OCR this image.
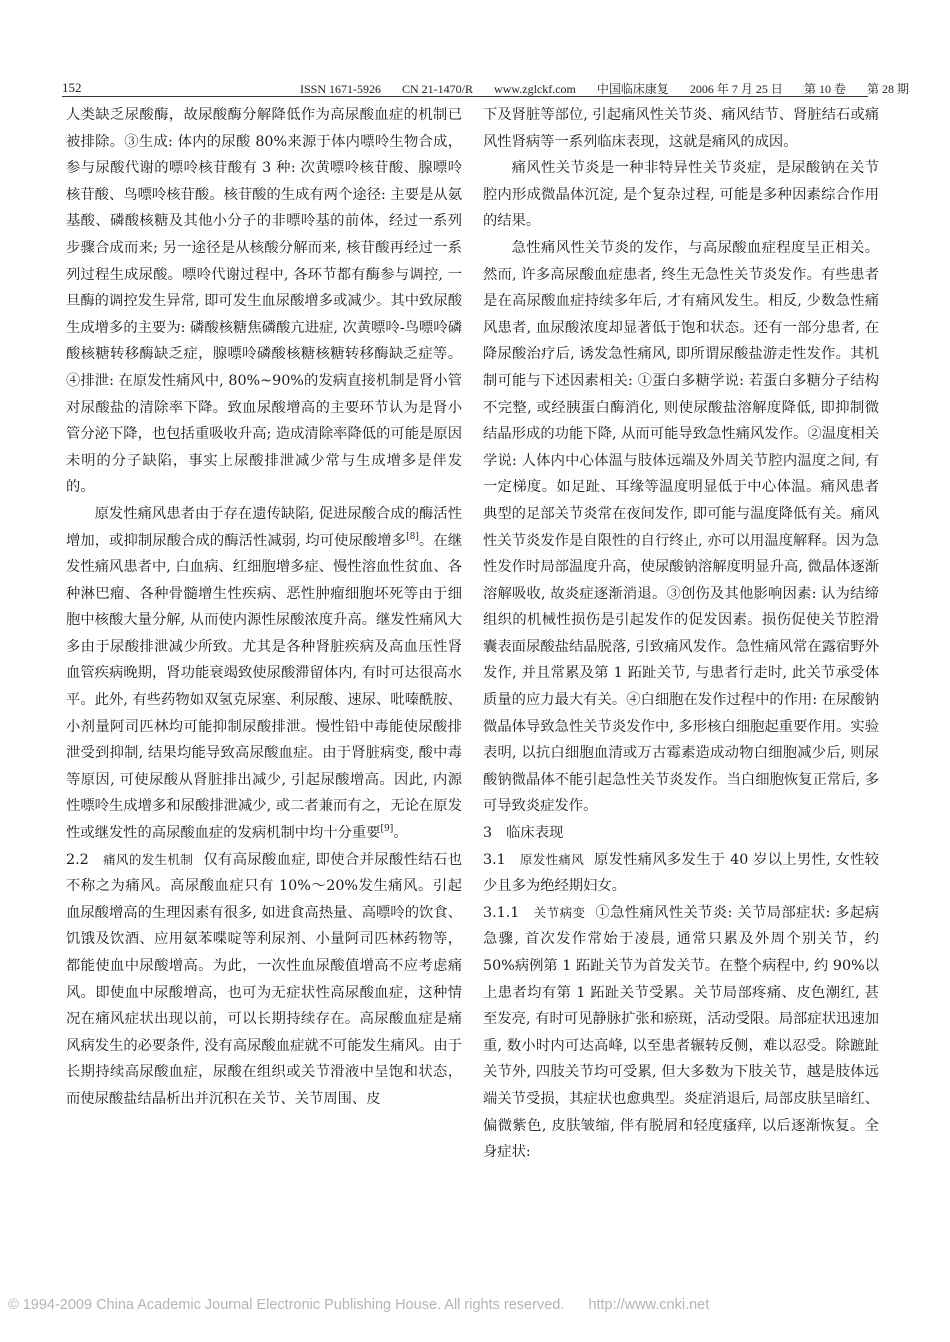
152	ISSN 1671-5926 CN 21-1470/R www.zglckf.com 中国临床康复 2006 年 7 月 25 日 第 10 卷 第 28 期

人类缺乏尿酸酶，故尿酸酶分解降低作为高尿酸血症的机制已被排除。③生成: 体内的尿酸 80%来源于体内嘌呤生物合成，参与尿酸代谢的嘌呤核苷酸有 3 种: 次黄嘌呤核苷酸、腺嘌呤核苷酸、鸟嘌呤核苷酸。核苷酸的生成有两个途径: 主要是从氨基酸、磷酸核糖及其他小分子的非嘌呤基的前体，经过一系列步骤合成而来; 另一途径是从核酸分解而来, 核苷酸再经过一系列过程生成尿酸。嘌呤代谢过程中, 各环节都有酶参与调控, 一旦酶的调控发生异常, 即可发生血尿酸增多或减少。其中致尿酸生成增多的主要为: 磷酸核糖焦磷酸亢进症, 次黄嘌呤-鸟嘌呤磷酸核糖转移酶缺乏症，腺嘌呤磷酸核糖核糖转移酶缺乏症等。④排泄: 在原发性痛风中, 80%~90%的发病直接机制是肾小管对尿酸盐的清除率下降。致血尿酸增高的主要环节认为是肾小管分泌下降，也包括重吸收升高; 造成清除率降低的可能是原因未明的分子缺陷，事实上尿酸排泄减少常与生成增多是伴发的。

原发性痛风患者由于存在遗传缺陷, 促进尿酸合成的酶活性增加，或抑制尿酸合成的酶活性减弱, 均可使尿酸增多[8]。在继发性痛风患者中, 白血病、红细胞增多症、慢性溶血性贫血、各种淋巴瘤、各种骨髓增生性疾病、恶性肿瘤细胞坏死等由于细胞中核酸大量分解, 从而使内源性尿酸浓度升高。继发性痛风大多由于尿酸排泄减少所致。尤其是各种肾脏疾病及高血压性肾血管疾病晚期，肾功能衰竭致使尿酸滞留体内, 有时可达很高水平。此外, 有些药物如双氢克尿塞、利尿酸、速尿、吡嗪酰胺、小剂量阿司匹林均可能抑制尿酸排泄。慢性铅中毒能使尿酸排泄受到抑制, 结果均能导致高尿酸血症。由于肾脏病变, 酸中毒等原因, 可使尿酸从肾脏排出减少, 引起尿酸增高。因此, 内源性嘌呤生成增多和尿酸排泄减少, 或二者兼而有之，无论在原发性或继发性的高尿酸血症的发病机制中均十分重要[9]。

2.2 痛风的发生机制 仅有高尿酸血症, 即使合并尿酸性结石也不称之为痛风。高尿酸血症只有 10%～20%发生痛风。引起血尿酸增高的生理因素有很多, 如进食高热量、高嘌呤的饮食、饥饿及饮酒、应用氨苯喋啶等利尿剂、小量阿司匹林药物等，都能使血中尿酸增高。为此，一次性血尿酸值增高不应考虑痛风。即使血中尿酸增高，也可为无症状性高尿酸血症，这种情况在痛风症状出现以前，可以长期持续存在。高尿酸血症是痛风病发生的必要条件, 没有高尿酸血症就不可能发生痛风。由于长期持续高尿酸血症，尿酸在组织或关节滑液中呈饱和状态，而使尿酸盐结晶析出并沉积在关节、关节周围、皮

下及肾脏等部位, 引起痛风性关节炎、痛风结节、肾脏结石或痛风性肾病等一系列临床表现，这就是痛风的成因。

痛风性关节炎是一种非特异性关节炎症，是尿酸钠在关节腔内形成微晶体沉淀, 是个复杂过程, 可能是多种因素综合作用的结果。

急性痛风性关节炎的发作，与高尿酸血症程度呈正相关。然而, 许多高尿酸血症患者, 终生无急性关节炎发作。有些患者是在高尿酸血症持续多年后, 才有痛风发生。相反, 少数急性痛风患者, 血尿酸浓度却显著低于饱和状态。还有一部分患者, 在降尿酸治疗后, 诱发急性痛风, 即所谓尿酸盐游走性发作。其机制可能与下述因素相关: ①蛋白多糖学说: 若蛋白多糖分子结构不完整, 或经胰蛋白酶消化, 则使尿酸盐溶解度降低, 即抑制微结晶形成的功能下降, 从而可能导致急性痛风发作。②温度相关学说: 人体内中心体温与肢体远端及外周关节腔内温度之间, 有一定梯度。如足趾、耳缘等温度明显低于中心体温。痛风患者典型的足部关节炎常在夜间发作, 即可能与温度降低有关。痛风性关节炎发作是自限性的自行终止, 亦可以用温度解释。因为急性发作时局部温度升高，使尿酸钠溶解度明显升高, 微晶体逐渐溶解吸收, 故炎症逐渐消退。③创伤及其他影响因素: 认为结缔组织的机械性损伤是引起发作的促发因素。损伤促使关节腔滑囊表面尿酸盐结晶脱落, 引致痛风发作。急性痛风常在露宿野外发作, 并且常累及第 1 跖趾关节, 与患者行走时, 此关节承受体质量的应力最大有关。④白细胞在发作过程中的作用: 在尿酸钠微晶体导致急性关节炎发作中, 多形核白细胞起重要作用。实验表明, 以抗白细胞血清或万古霉素造成动物白细胞减少后, 则尿酸钠微晶体不能引起急性关节炎发作。当白细胞恢复正常后, 多可导致炎症发作。

3 临床表现

3.1 原发性痛风 原发性痛风多发生于 40 岁以上男性, 女性较少且多为绝经期妇女。

3.1.1 关节病变 ①急性痛风性关节炎: 关节局部症状: 多起病急骤, 首次发作常始于凌晨, 通常只累及外周个别关节，约 50%病例第 1 跖趾关节为首发关节。在整个病程中, 约 90%以上患者均有第 1 跖趾关节受累。关节局部疼痛、皮色潮红, 甚至发亮, 有时可见静脉扩张和瘀斑，活动受限。局部症状迅速加重, 数小时内可达高峰, 以至患者辗转反侧，难以忍受。除蹠趾关节外, 四肢关节均可受累, 但大多数为下肢关节，越是肢体远端关节受损，其症状也愈典型。炎症消退后, 局部皮肤呈暗红、偏微紫色, 皮肤皱缩, 伴有脱屑和轻度瘙痒, 以后逐渐恢复。全身症状:

© 1994-2009 China Academic Journal Electronic Publishing House. All rights reserved. http://www.cnki.net
